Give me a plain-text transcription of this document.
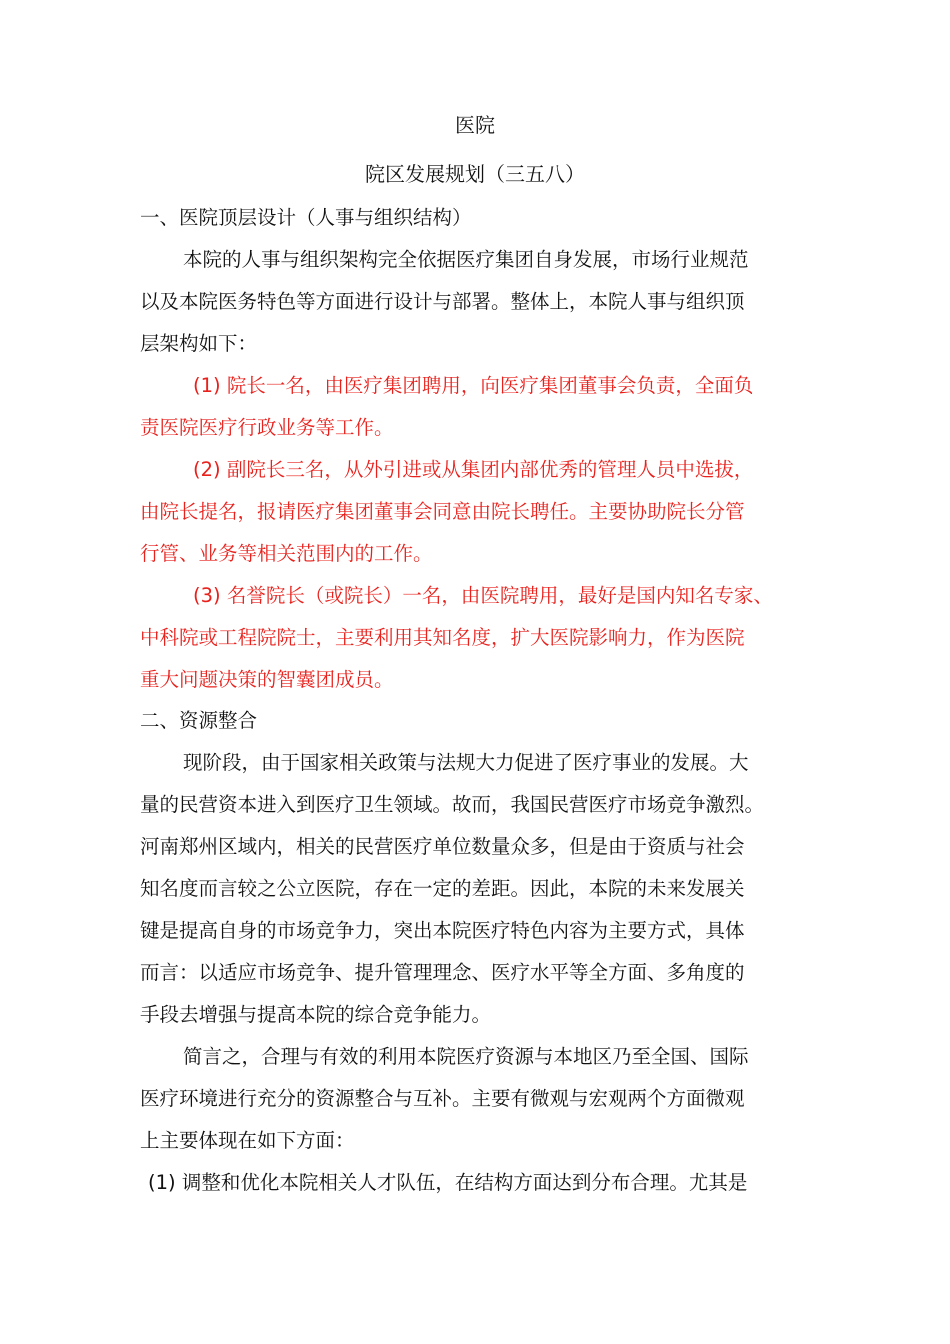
医院
院区发展规划（三五八）
一、医院顶层设计（人事与组织结构）
本院的人事与组织架构完全依据医疗集团自身发展，市场行业规范
以及本院医务特色等方面进行设计与部署。整体上，本院人事与组织顶
层架构如下：
(1) 院长一名，由医疗集团聘用，向医疗集团董事会负责，全面负
责医院医疗行政业务等工作。
(2) 副院长三名，从外引进或从集团内部优秀的管理人员中选拔，
由院长提名，报请医疗集团董事会同意由院长聘任。主要协助院长分管
行管、业务等相关范围内的工作。
(3) 名誉院长（或院长）一名，由医院聘用，最好是国内知名专家、
中科院或工程院院士，主要利用其知名度，扩大医院影响力，作为医院
重大问题决策的智囊团成员。
二、资源整合
现阶段，由于国家相关政策与法规大力促进了医疗事业的发展。大
量的民营资本进入到医疗卫生领域。故而，我国民营医疗市场竞争激烈。
河南郑州区域内，相关的民营医疗单位数量众多，但是由于资质与社会
知名度而言较之公立医院，存在一定的差距。因此，本院的未来发展关
键是提高自身的市场竞争力，突出本院医疗特色内容为主要方式，具体
而言：以适应市场竞争、提升管理理念、医疗水平等全方面、多角度的
手段去增强与提高本院的综合竞争能力。
简言之，合理与有效的利用本院医疗资源与本地区乃至全国、国际
医疗环境进行充分的资源整合与互补。主要有微观与宏观两个方面微观
上主要体现在如下方面：
(1) 调整和优化本院相关人才队伍，在结构方面达到分布合理。尤其是
